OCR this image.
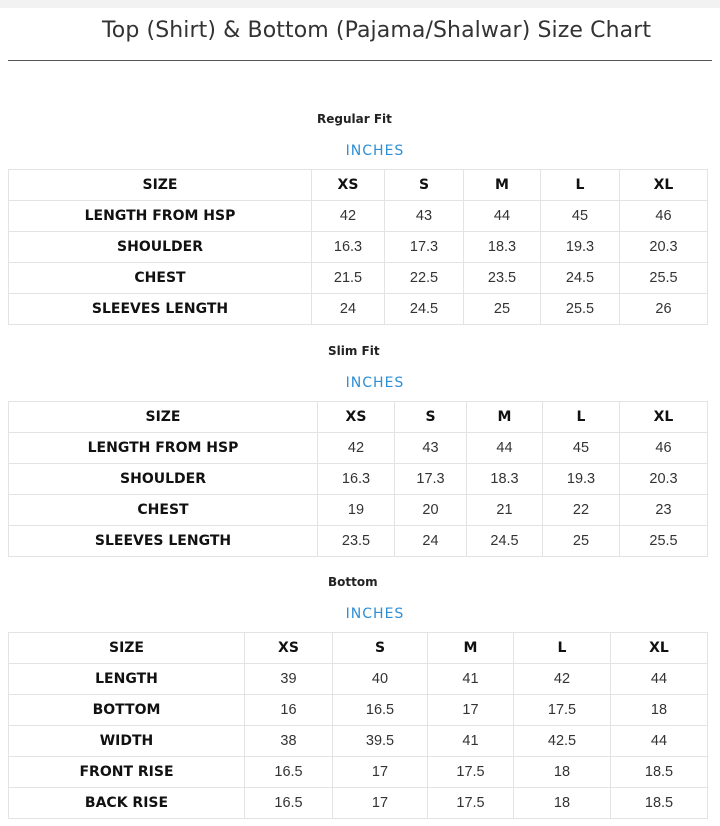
Top (Shirt) & Bottom (Pajama/Shalwar) Size Chart
Regular Fit
INCHES
SIZE	XS	S	M	L	XL
LENGTH FROM HSP	42	43	44	45	46
SHOULDER	16.3	17.3	18.3	19.3	20.3
CHEST	21.5	22.5	23.5	24.5	25.5
SLEEVES LENGTH	24	24.5	25	25.5	26
Slim Fit
INCHES
SIZE	XS	S	M	L	XL
LENGTH FROM HSP	42	43	44	45	46
SHOULDER	16.3	17.3	18.3	19.3	20.3
CHEST	19	20	21	22	23
SLEEVES LENGTH	23.5	24	24.5	25	25.5
Bottom
INCHES
SIZE	XS	S	M	L	XL
LENGTH	39	40	41	42	44
BOTTOM	16	16.5	17	17.5	18
WIDTH	38	39.5	41	42.5	44
FRONT RISE	16.5	17	17.5	18	18.5
BACK RISE	16.5	17	17.5	18	18.5
